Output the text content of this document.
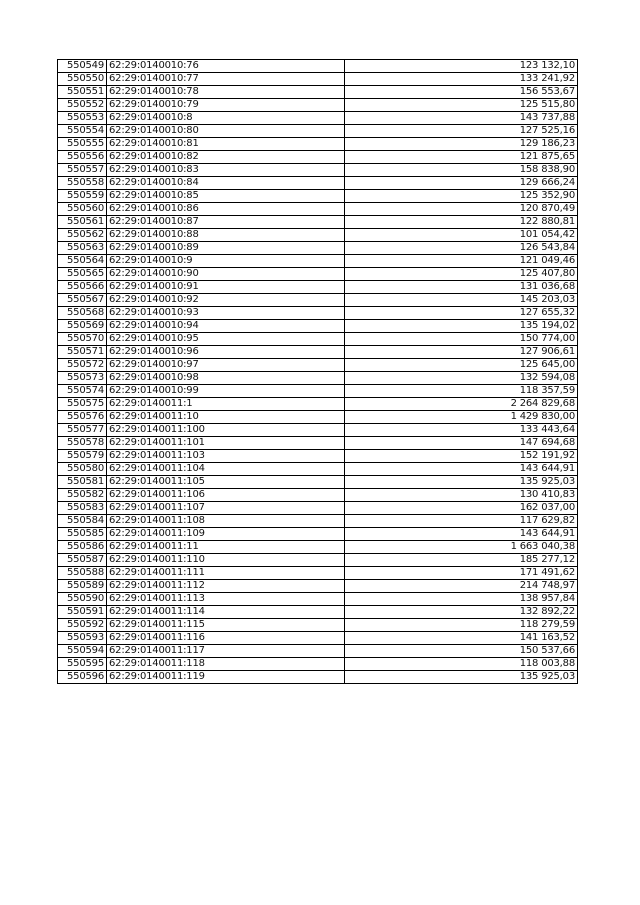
550549	62:29:0140010:76	123 132,10
550550	62:29:0140010:77	133 241,92
550551	62:29:0140010:78	156 553,67
550552	62:29:0140010:79	125 515,80
550553	62:29:0140010:8	143 737,88
550554	62:29:0140010:80	127 525,16
550555	62:29:0140010:81	129 186,23
550556	62:29:0140010:82	121 875,65
550557	62:29:0140010:83	158 838,90
550558	62:29:0140010:84	129 666,24
550559	62:29:0140010:85	125 352,90
550560	62:29:0140010:86	120 870,49
550561	62:29:0140010:87	122 880,81
550562	62:29:0140010:88	101 054,42
550563	62:29:0140010:89	126 543,84
550564	62:29:0140010:9	121 049,46
550565	62:29:0140010:90	125 407,80
550566	62:29:0140010:91	131 036,68
550567	62:29:0140010:92	145 203,03
550568	62:29:0140010:93	127 655,32
550569	62:29:0140010:94	135 194,02
550570	62:29:0140010:95	150 774,00
550571	62:29:0140010:96	127 906,61
550572	62:29:0140010:97	125 645,00
550573	62:29:0140010:98	132 594,08
550574	62:29:0140010:99	118 357,59
550575	62:29:0140011:1	2 264 829,68
550576	62:29:0140011:10	1 429 830,00
550577	62:29:0140011:100	133 443,64
550578	62:29:0140011:101	147 694,68
550579	62:29:0140011:103	152 191,92
550580	62:29:0140011:104	143 644,91
550581	62:29:0140011:105	135 925,03
550582	62:29:0140011:106	130 410,83
550583	62:29:0140011:107	162 037,00
550584	62:29:0140011:108	117 629,82
550585	62:29:0140011:109	143 644,91
550586	62:29:0140011:11	1 663 040,38
550587	62:29:0140011:110	185 277,12
550588	62:29:0140011:111	171 491,62
550589	62:29:0140011:112	214 748,97
550590	62:29:0140011:113	138 957,84
550591	62:29:0140011:114	132 892,22
550592	62:29:0140011:115	118 279,59
550593	62:29:0140011:116	141 163,52
550594	62:29:0140011:117	150 537,66
550595	62:29:0140011:118	118 003,88
550596	62:29:0140011:119	135 925,03
